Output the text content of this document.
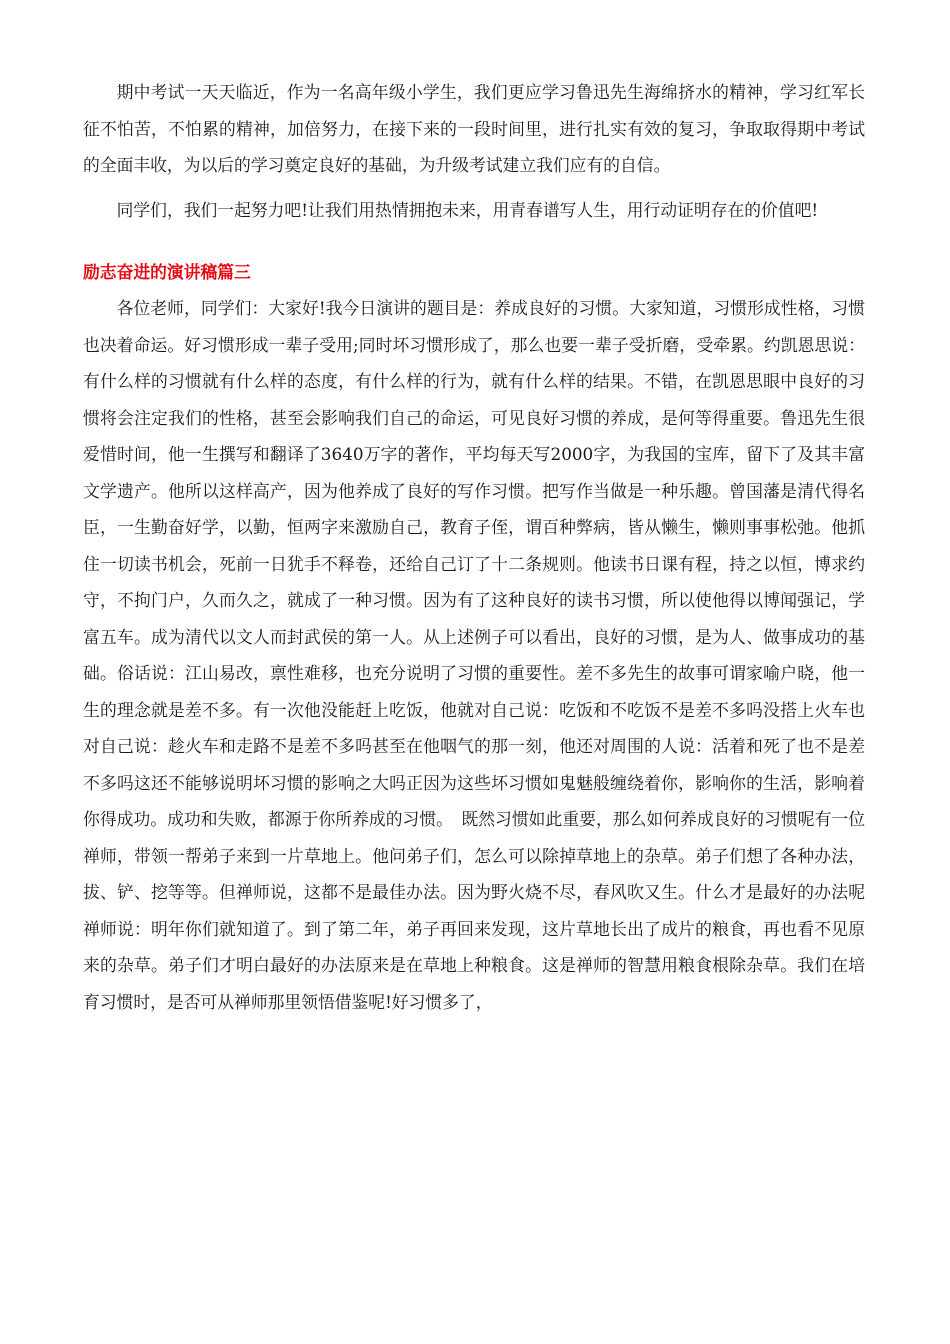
期中考试一天天临近，作为一名高年级小学生，我们更应学习鲁迅先生海绵挤水的精神，学习红军长征不怕苦，不怕累的精神，加倍努力，在接下来的一段时间里，进行扎实有效的复习，争取取得期中考试的全面丰收，为以后的学习奠定良好的基础，为升级考试建立我们应有的自信。

同学们，我们一起努力吧!让我们用热情拥抱未来，用青春谱写人生，用行动证明存在的价值吧!

励志奋进的演讲稿篇三

各位老师，同学们：大家好!我今日演讲的题目是：养成良好的习惯。大家知道，习惯形成性格，习惯也决着命运。好习惯形成一辈子受用;同时坏习惯形成了，那么也要一辈子受折磨，受牵累。约凯恩思说：有什么样的习惯就有什么样的态度，有什么样的行为，就有什么样的结果。不错，在凯恩思眼中良好的习惯将会注定我们的性格，甚至会影响我们自己的命运，可见良好习惯的养成，是何等得重要。鲁迅先生很爱惜时间，他一生撰写和翻译了3640万字的著作，平均每天写2000字，为我国的宝库，留下了及其丰富文学遗产。他所以这样高产，因为他养成了良好的写作习惯。把写作当做是一种乐趣。曾国藩是清代得名臣，一生勤奋好学，以勤，恒两字来激励自己，教育子侄，谓百种弊病，皆从懒生，懒则事事松弛。他抓住一切读书机会，死前一日犹手不释卷，还给自己订了十二条规则。他读书日课有程，持之以恒，博求约守，不拘门户，久而久之，就成了一种习惯。因为有了这种良好的读书习惯，所以使他得以博闻强记，学富五车。成为清代以文人而封武侯的第一人。从上述例子可以看出，良好的习惯，是为人、做事成功的基础。俗话说：江山易改，禀性难移，也充分说明了习惯的重要性。差不多先生的故事可谓家喻户晓，他一生的理念就是差不多。有一次他没能赶上吃饭，他就对自己说：吃饭和不吃饭不是差不多吗没搭上火车也对自己说：趁火车和走路不是差不多吗甚至在他咽气的那一刻，他还对周围的人说：活着和死了也不是差不多吗这还不能够说明坏习惯的影响之大吗正因为这些坏习惯如鬼魅般缠绕着你，影响你的生活，影响着你得成功。成功和失败，都源于你所养成的习惯。　既然习惯如此重要，那么如何养成良好的习惯呢有一位禅师，带领一帮弟子来到一片草地上。他问弟子们，怎么可以除掉草地上的杂草。弟子们想了各种办法，拔、铲、挖等等。但禅师说，这都不是最佳办法。因为野火烧不尽，春风吹又生。什么才是最好的办法呢禅师说：明年你们就知道了。到了第二年，弟子再回来发现，这片草地长出了成片的粮食，再也看不见原来的杂草。弟子们才明白最好的办法原来是在草地上种粮食。这是禅师的智慧用粮食根除杂草。我们在培育习惯时，是否可从禅师那里领悟借鉴呢!好习惯多了，
